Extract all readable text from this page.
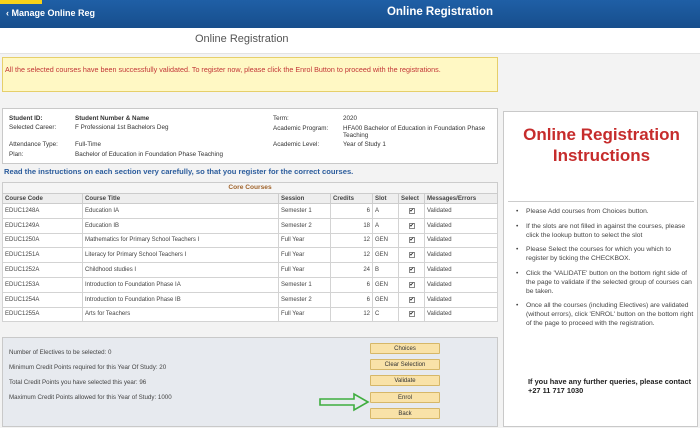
‹ Manage Online Reg	Online Registration
Online Registration
All the selected courses have been successfully validated. To register now, please click the Enrol Button to proceed with the registrations.
Student ID:	Student Number & Name
Selected Career:	F Professional 1st Bachelors Deg
Attendance Type:	Full-Time
Plan:	Bachelor of Education in Foundation Phase Teaching
Term:	2020
Academic Program: HFA00 Bachelor of Education in Foundation Phase Teaching
Academic Level:	Year of Study 1
Read the instructions on each section very carefully, so that you register for the correct courses.
Core Courses
Course Code	Course Title	Session	Credits	Slot	Select	Messages/Errors
EDUC1248A	Education IA	Semester 1	6	A	✔	Validated
EDUC1249A	Education IB	Semester 2	18	A	✔	Validated
EDUC1250A	Mathematics for Primary School Teachers I	Full Year	12	GEN	✔	Validated
EDUC1251A	Literacy for Primary School Teachers I	Full Year	12	GEN	✔	Validated
EDUC1252A	Childhood studies I	Full Year	24	B	✔	Validated
EDUC1253A	Introduction to Foundation Phase IA	Semester 1	6	GEN	✔	Validated
EDUC1254A	Introduction to Foundation Phase IB	Semester 2	6	GEN	✔	Validated
EDUC1255A	Arts for Teachers	Full Year	12	C	✔	Validated
Number of Electives to be selected: 0
Minimum Credit Points required for this Year Of Study: 20
Total Credit Points you have selected this year: 96
Maximum Credit Points allowed for this Year of Study: 1000
Choices
Clear Selection
Validate
Enrol
Back
Online Registration Instructions
• Please Add courses from Choices button.
• If the slots are not filled in against the courses, please click the lookup button to select the slot
• Please Select the courses for which you which to register by ticking the CHECKBOX.
• Click the 'VALIDATE' button on the bottom right side of the page to validate if the selected group of courses can be taken.
• Once all the courses (including Electives) are validated (without errors), click 'ENROL' button on the bottom right of the page to proceed with the registration.
If you have any further queries, please contact +27 11 717 1030
